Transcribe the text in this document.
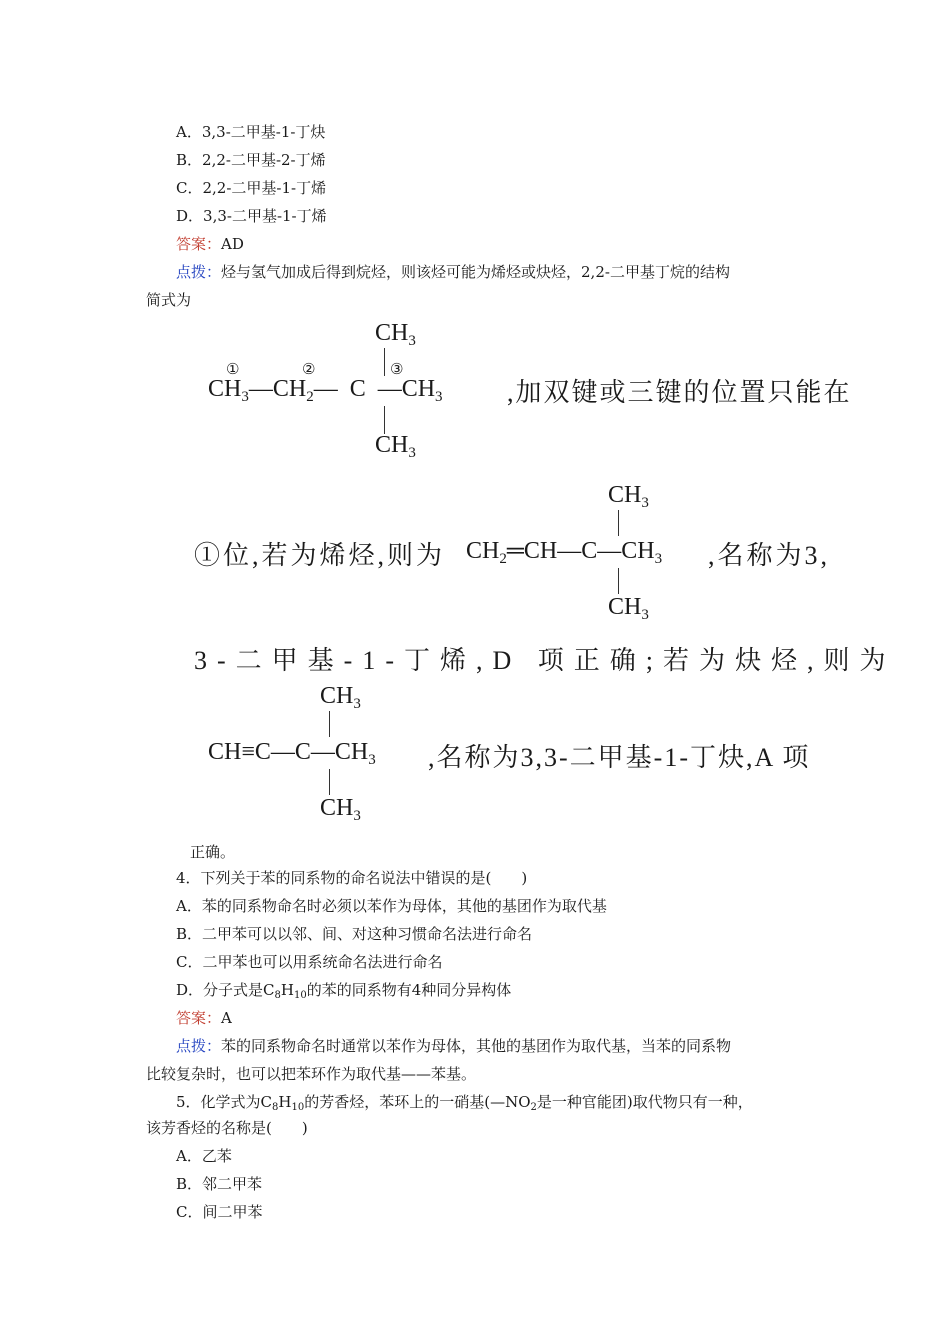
A．3,3-二甲基-1-丁炔
B．2,2-二甲基-2-丁烯
C．2,2-二甲基-1-丁烯
D．3,3-二甲基-1-丁烯
答案：AD
点拨：烃与氢气加成后得到烷烃，则该烃可能为烯烃或炔烃，2,2-二甲基丁烷的结构
简式为
$CH_3$
①	②	③
$CH_3—CH_2—$ C $—CH_3$
$CH_3$
,加双键或三键的位置只能在
$CH_3$
$CH_2═CH—C—CH_3$
$CH_3$
①位,若为烯烃,则为	,名称为3,
3-二甲基-1-丁烯,D 项正确;若为炔烃,则为
$CH_3$
$CH\equiv C—C—CH_3$
$CH_3$
,名称为3,3-二甲基-1-丁炔,A 项
正确。
4．下列关于苯的同系物的命名说法中错误的是(　　)
A．苯的同系物命名时必须以苯作为母体，其他的基团作为取代基
B．二甲苯可以以邻、间、对这种习惯命名法进行命名
C．二甲苯也可以用系统命名法进行命名
D．分子式是$C_8H_{10}$的苯的同系物有4种同分异构体
答案：A
点拨：苯的同系物命名时通常以苯作为母体，其他的基团作为取代基，当苯的同系物
比较复杂时，也可以把苯环作为取代基——苯基。
5．化学式为$C_8H_{10}$的芳香烃，苯环上的一硝基($—NO_2$是一种官能团)取代物只有一种，
该芳香烃的名称是(　　)
A．乙苯
B．邻二甲苯
C．间二甲苯
